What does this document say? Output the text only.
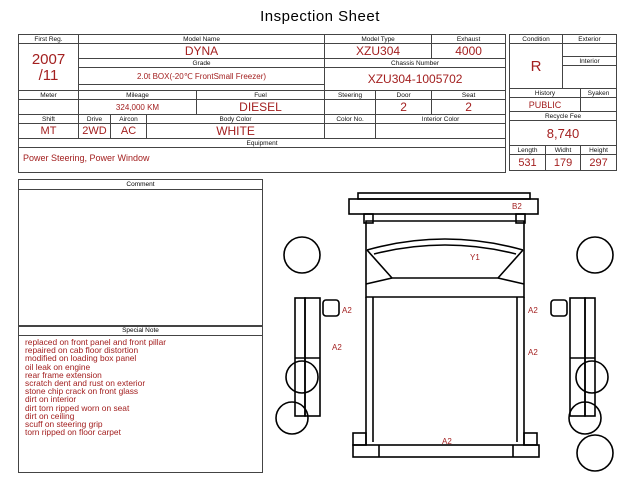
Inspection Sheet
First Reg.	Model Name				Model Type		Exhaust

2007
/11	DYNA				XZU304		4000
	Grade				Chassis Number		
	2.0t BOX(-20℃ FrontSmall Freezer)				XZU304-1005702		

Meter	Mileage			Fuel	Steering	Door	Seat
	324,000 KM			DIESEL		2	2
Shift	Drive	Aircon	Body Color		Color No.	Interior Color	
MT	2WD	AC	WHITE				
Equipment							
Power Steering, Power Window							
Condition	Exterior
R	
	Interior

History		Syaken
PUBLIC		
Recycle Fee		
8,740		
Length	Widht	Height
531	179	297
Comment
Special Note
replaced on front panel and front pillar
repaired on cab floor distortion
modified on loading box panel
oil leak on engine
rear frame extension
scratch dent and rust on exterior
stone chip crack on front glass
dirt on interior
dirt torn ripped worn on seat
dirt on ceiling
scuff on steering grip
torn ripped on floor carpet
B2
Y1
A2
A2
A2
A2
A2
